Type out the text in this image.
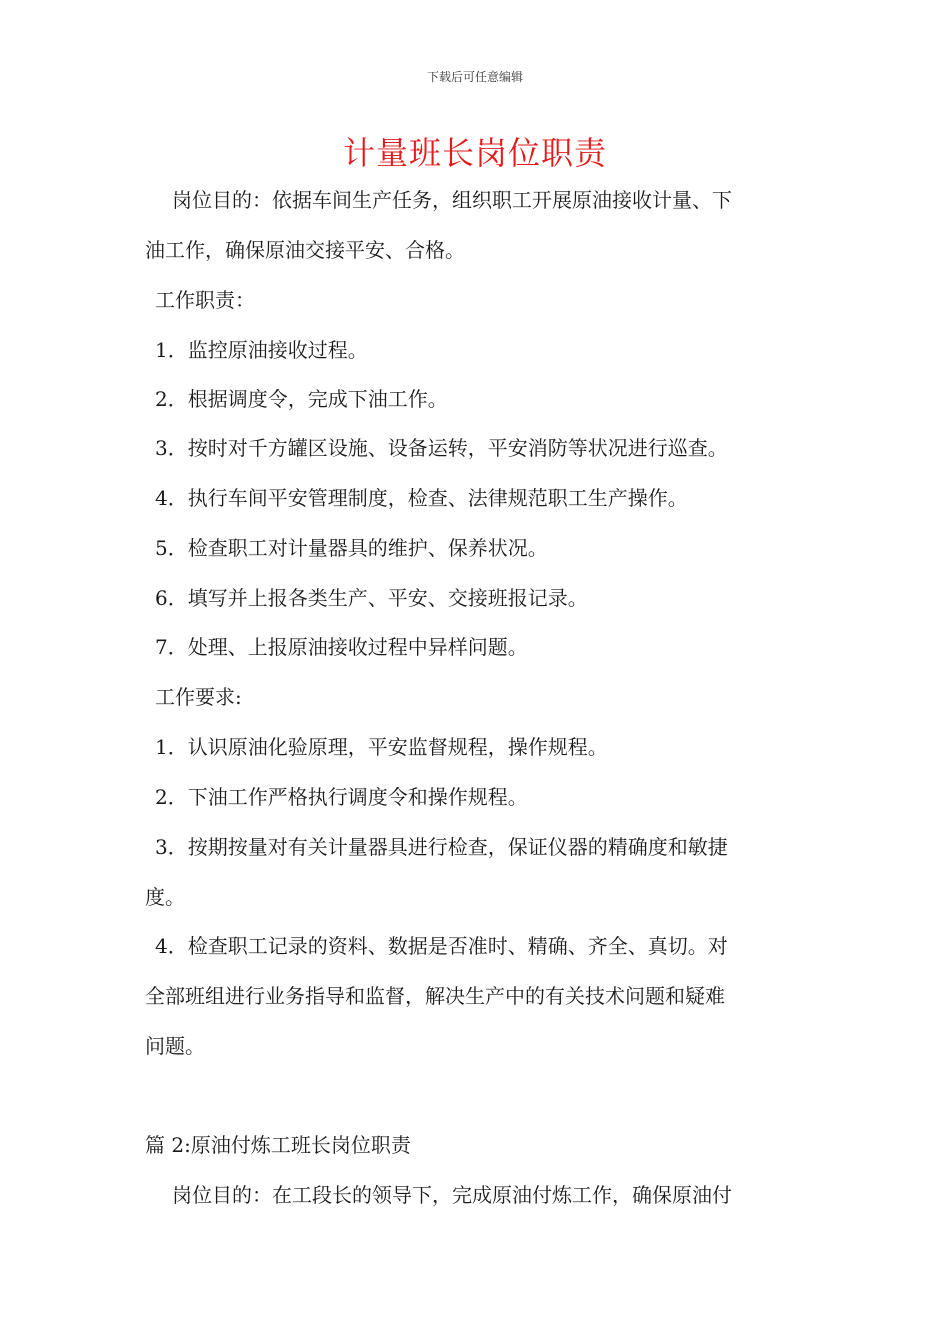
下载后可任意编辑
计量班长岗位职责
岗位目的：依据车间生产任务，组织职工开展原油接收计量、下
油工作，确保原油交接平安、合格。
工作职责：
1．监控原油接收过程。
2．根据调度令，完成下油工作。
3．按时对千方罐区设施、设备运转，平安消防等状况进行巡查。
4．执行车间平安管理制度，检查、法律规范职工生产操作。
5．检查职工对计量器具的维护、保养状况。
6．填写并上报各类生产、平安、交接班报记录。
7．处理、上报原油接收过程中异样问题。
工作要求:
1．认识原油化验原理，平安监督规程，操作规程。
2．下油工作严格执行调度令和操作规程。
3．按期按量对有关计量器具进行检查，保证仪器的精确度和敏捷
度。
4．检查职工记录的资料、数据是否准时、精确、齐全、真切。对
全部班组进行业务指导和监督，解决生产中的有关技术问题和疑难
问题。
篇 2:原油付炼工班长岗位职责
岗位目的：在工段长的领导下，完成原油付炼工作，确保原油付
